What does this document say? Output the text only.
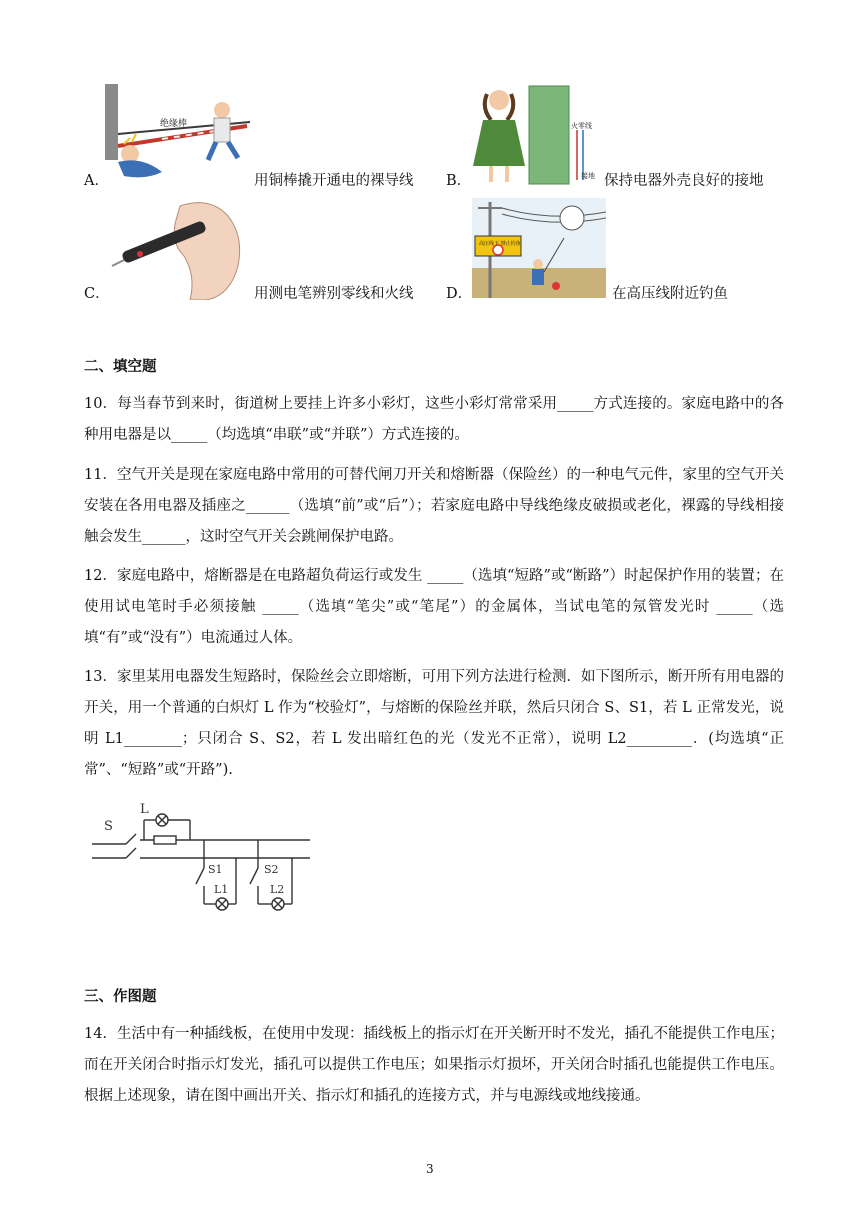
绝缘棒
A．	用铜棒撬开通电的裸导线
火零线
接地
B．	保持电器外壳良好的接地
C．	用测电笔辨别零线和火线
高压线下 禁止钓鱼
D．	在高压线附近钓鱼
二、填空题
10．每当春节到来时，街道树上要挂上许多小彩灯，这些小彩灯常常采用_____方式连接的。家庭电路中的各种用电器是以_____（均选填“串联”或“并联”）方式连接的。
11．空气开关是现在家庭电路中常用的可替代闸刀开关和熔断器（保险丝）的一种电气元件，家里的空气开关安装在各用电器及插座之______（选填“前”或“后”）；若家庭电路中导线绝缘皮破损或老化，裸露的导线相接触会发生______，这时空气开关会跳闸保护电路。
12．家庭电路中，熔断器是在电路超负荷运行或发生 _____（选填“短路”或“断路”）时起保护作用的装置；在使用试电笔时手必须接触 _____（选填“笔尖”或“笔尾”）的金属体，当试电笔的氖管发光时 _____（选填“有”或“没有”）电流通过人体。
13．家里某用电器发生短路时，保险丝会立即熔断，可用下列方法进行检测．如下图所示，断开所有用电器的开关，用一个普通的白炽灯 L 作为“校验灯”，与熔断的保险丝并联，然后只闭合 S、S1，若 L 正常发光，说明 L1________；只闭合 S、S2，若 L 发出暗红色的光（发光不正常），说明 L2_________．(均选填“正常”、“短路”或“开路”).
S
L
S1
L1
S2
L2
三、作图题
14．生活中有一种插线板，在使用中发现：插线板上的指示灯在开关断开时不发光，插孔不能提供工作电压；而在开关闭合时指示灯发光，插孔可以提供工作电压；如果指示灯损坏，开关闭合时插孔也能提供工作电压。根据上述现象，请在图中画出开关、指示灯和插孔的连接方式，并与电源线或地线接通。
3
